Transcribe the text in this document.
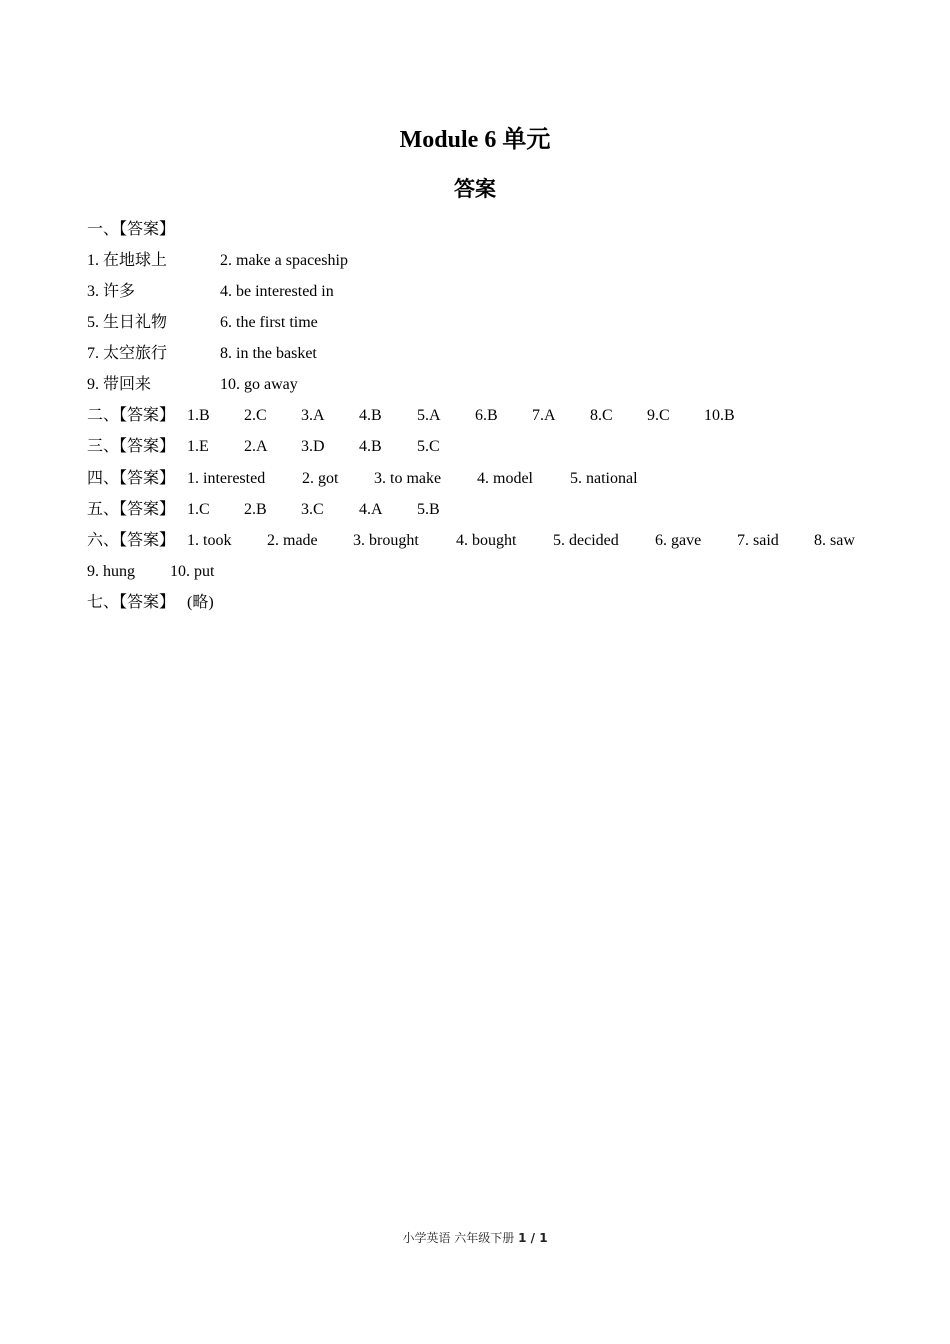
Module 6 单元
答案
一、【答案】
1. 在地球上	2. make a spaceship
3. 许多	4. be interested in
5. 生日礼物	6. the first time
7. 太空旅行	8. in the basket
9. 带回来	10. go away
二、【答案】 1.B 2.C 3.A 4.B 5.A 6.B 7.A 8.C 9.C 10.B
三、【答案】 1.E 2.A 3.D 4.B 5.C
四、【答案】 1. interested 2. got 3. to make 4. model 5. national
五、【答案】 1.C 2.B 3.C 4.A 5.B
六、【答案】 1. took 2. made 3. brought 4. bought 5. decided 6. gave 7. said 8. saw
9. hung 10. put
七、【答案】 (略)
小学英语 六年级下册 1 / 1
